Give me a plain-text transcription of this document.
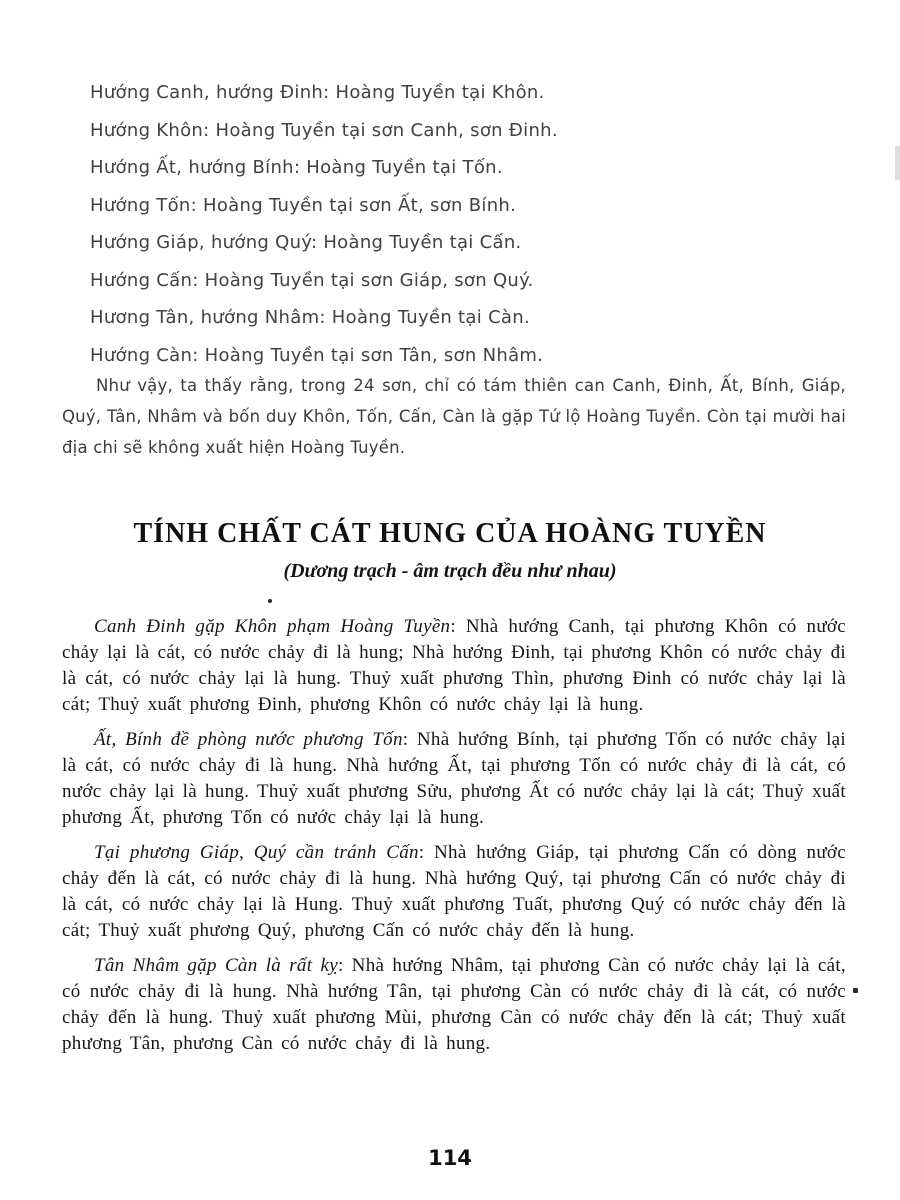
Hướng Canh, hướng Đinh: Hoàng Tuyền tại Khôn.
Hướng Khôn: Hoàng Tuyền tại sơn Canh, sơn Đinh.
Hướng Ất, hướng Bính: Hoàng Tuyền tại Tốn.
Hướng Tốn: Hoàng Tuyền tại sơn Ất, sơn Bính.
Hướng Giáp, hướng Quý: Hoàng Tuyền tại Cấn.
Hướng Cấn: Hoàng Tuyền tại sơn Giáp, sơn Quý.
Hương Tân, hướng Nhâm: Hoàng Tuyền tại Càn.
Hướng Càn: Hoàng Tuyền tại sơn Tân, sơn Nhâm.
Như vậy, ta thấy rằng, trong 24 sơn, chỉ có tám thiên can Canh, Đinh, Ất, Bính, Giáp, Quý, Tân, Nhâm và bốn duy Khôn, Tốn, Cấn, Càn là gặp Tứ lộ Hoàng Tuyền. Còn tại mười hai địa chi sẽ không xuất hiện Hoàng Tuyền.
TÍNH CHẤT CÁT HUNG CỦA HOÀNG TUYỀN
(Dương trạch - âm trạch đều như nhau)

Canh Đinh gặp Khôn phạm Hoàng Tuyền: Nhà hướng Canh, tại phương Khôn có nước chảy lại là cát, có nước chảy đi là hung; Nhà hướng Đinh, tại phương Khôn có nước chảy đi là cát, có nước chảy lại là hung. Thuỷ xuất phương Thìn, phương Đinh có nước chảy lại là cát; Thuỷ xuất phương Đinh, phương Khôn có nước chảy lại là hung.

Ất, Bính đề phòng nước phương Tốn: Nhà hướng Bính, tại phương Tốn có nước chảy lại là cát, có nước chảy đi là hung. Nhà hướng Ất, tại phương Tốn có nước chảy đi là cát, có nước chảy lại là hung. Thuỷ xuất phương Sửu, phương Ất có nước chảy lại là cát; Thuỷ xuất phương Ất, phương Tốn có nước chảy lại là hung.

Tại phương Giáp, Quý cần tránh Cấn: Nhà hướng Giáp, tại phương Cấn có dòng nước chảy đến là cát, có nước chảy đi là hung. Nhà hướng Quý, tại phương Cấn có nước chảy đi là cát, có nước chảy lại là Hung. Thuỷ xuất phương Tuất, phương Quý có nước chảy đến là cát; Thuỷ xuất phương Quý, phương Cấn có nước chảy đến là hung.

Tân Nhâm gặp Càn là rất kỵ: Nhà hướng Nhâm, tại phương Càn có nước chảy lại là cát, có nước chảy đi là hung. Nhà hướng Tân, tại phương Càn có nước chảy đi là cát, có nước chảy đến là hung. Thuỷ xuất phương Mùi, phương Càn có nước chảy đến là cát; Thuỷ xuất phương Tân, phương Càn có nước chảy đi là hung.

114
